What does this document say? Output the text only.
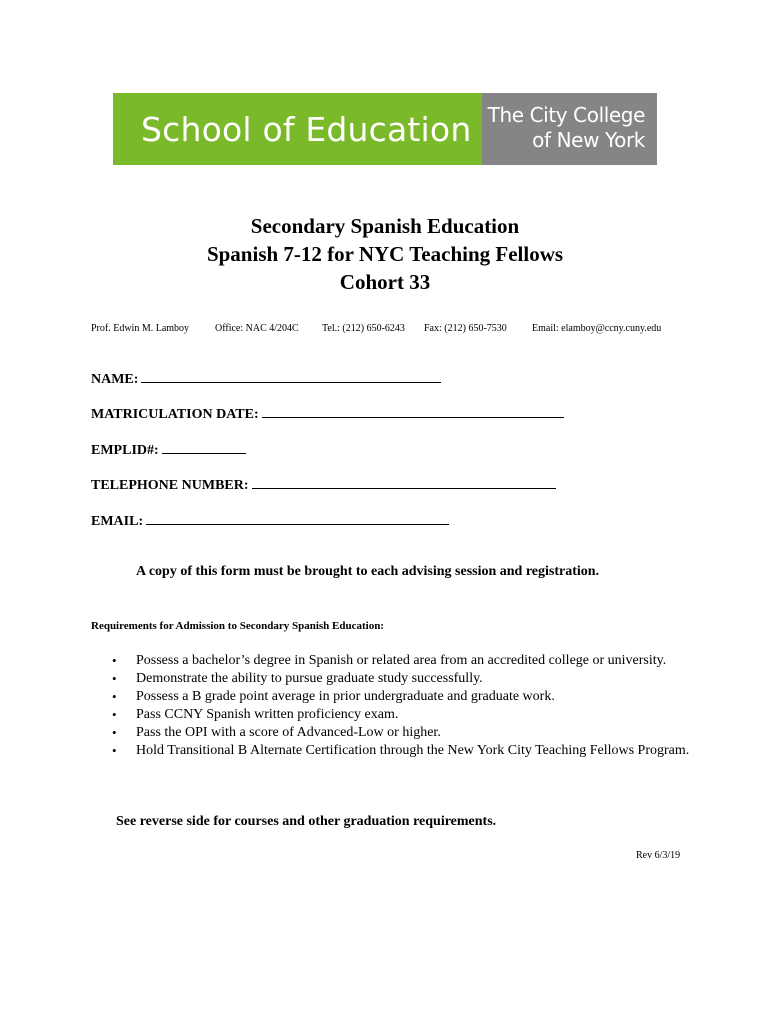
School of Education The City College
of New York
Secondary Spanish Education
Spanish 7-12 for NYC Teaching Fellows
Cohort 33
Prof. Edwin M. Lamboy	Office: NAC 4/204C Tel.: (212) 650-6243 Fax: (212) 650-7530	Email: elamboy@ccny.cuny.edu
NAME:
MATRICULATION DATE:
EMPLID#:
TELEPHONE NUMBER:
EMAIL:
A copy of this form must be brought to each advising session and registration.
Requirements for Admission to Secondary Spanish Education:
• Possess a bachelor’s degree in Spanish or related area from an accredited college or university.
• Demonstrate the ability to pursue graduate study successfully.
• Possess a B grade point average in prior undergraduate and graduate work.
• Pass CCNY Spanish written proficiency exam.
• Pass the OPI with a score of Advanced-Low or higher.
• Hold Transitional B Alternate Certification through the New York City Teaching Fellows Program.
See reverse side for courses and other graduation requirements.
Rev 6/3/19
